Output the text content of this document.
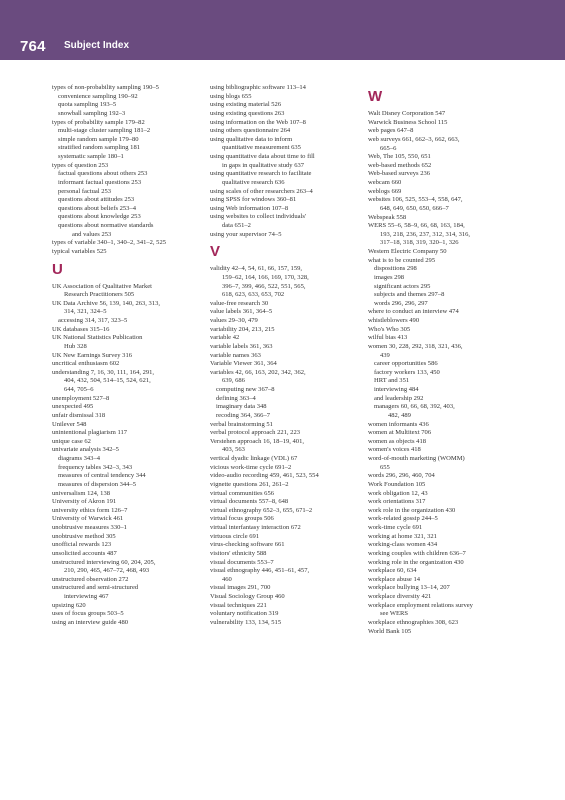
764 Subject Index
types of non-probability sampling 190–5
convenience sampling 190–92
quota sampling 193–5
snowball sampling 192–3
types of probability sample 179–82
multi-stage cluster sampling 181–2
simple random sample 179–80
stratified random sampling 181
systematic sample 180–1
types of question 253
factual questions about others 253
informant factual questions 253
personal factual 253
questions about attitudes 253
questions about beliefs 253–4
questions about knowledge 253
questions about normative standards
and values 253
types of variable 340–1, 340–2, 341–2, 525
typical variables 525
U
UK Association of Qualitative Market
Research Practitioners 505
UK Data Archive 56, 139, 140, 263, 313,
314, 321, 324–5
accessing 314, 317, 323–5
UK databases 315–16
UK National Statistics Publication
Hub 328
UK New Earnings Survey 316
uncritical enthusiasm 602
understanding 7, 16, 30, 111, 164, 291,
404, 432, 504, 514–15, 524, 621,
644, 705–6
unemployment 527–8
unexpected 495
unfair dismissal 318
Unilever 548
unintentional plagiarism 117
unique case 62
univariate analysis 342–5
diagrams 343–4
frequency tables 342–3, 343
measures of central tendency 344
measures of dispersion 344–5
universalism 124, 138
University of Akron 191
university ethics form 126–7
University of Warwick 461
unobtrusive measures 330–1
unobtrusive method 305
unofficial rewards 123
unsolicited accounts 487
unstructured interviewing 60, 204, 205,
210, 290, 465, 467–72, 468, 493
unstructured observation 272
unstructured and semi-structured
interviewing 467
upsizing 620
uses of focus groups 503–5
using an interview guide 480
using bibliographic software 113–14
using blogs 655
using existing material 526
using existing questions 263
using information on the Web 107–8
using others questionnaire 264
using qualitative data to inform
quantitative measurement 635
using quantitative data about time to fill
in gaps in qualitative study 637
using quantitative research to facilitate
qualitative research 636
using scales of other researchers 263–4
using SPSS for windows 360–81
using Web information 107–8
using websites to collect individuals'
data 651–2
using your supervisor 74–5
V
validity 42–4, 54, 61, 66, 157, 159,
159–62, 164, 166, 169, 170, 328,
396–7, 399, 466, 522, 551, 565,
618, 623, 633, 653, 702
value-free research 30
value labels 361, 364–5
values 29–30, 479
variability 204, 213, 215
variable 42
variable labels 361, 363
variable names 363
Variable Viewer 361, 364
variables 42, 66, 163, 202, 342, 362,
639, 686
computing new 367–8
defining 363–4
imaginary data 348
recoding 364, 366–7
verbal brainstorming 51
verbal protocol approach 221, 223
Verstehen approach 16, 18–19, 401,
403, 563
vertical dyadic linkage (VDL) 67
vicious work-time cycle 691–2
video-audio recording 459, 461, 523, 554
vignette questions 261, 261–2
virtual communities 656
virtual documents 557–8, 648
virtual ethnography 652–3, 655, 671–2
virtual focus groups 506
virtual interfantasy interaction 672
virtuous circle 691
virus-checking software 661
visitors' ethnicity 588
visual documents 553–7
visual ethnography 446, 451–61, 457,
460
visual images 291, 700
Visual Sociology Group 460
visual techniques 221
voluntary notification 319
vulnerability 133, 134, 515
W
Walt Disney Corporation 547
Warwick Business School 115
web pages 647–8
web surveys 661, 662–3, 662, 663,
665–6
Web, The 105, 550, 651
web-based methods 652
Web-based surveys 236
webcam 660
weblogs 669
websites 106, 525, 553–4, 558, 647,
648, 649, 650, 650, 666–7
Webspeak 558
WERS 55–6, 58–9, 66, 68, 163, 184,
193, 218, 236, 237, 312, 314, 316,
317–18, 318, 319, 320–1, 326
Western Electric Company 50
what is to be counted 295
dispositions 298
images 298
significant actors 295
subjects and themes 297–8
words 296, 296, 297
where to conduct an interview 474
whistleblowers 490
Who's Who 305
wilful bias 413
women 30, 228, 292, 318, 321, 436,
439
career opportunities 586
factory workers 133, 450
HRT and 351
interviewing 484
and leadership 292
managers 60, 66, 68, 392, 403,
482, 489
women informants 436
women at Multitext 706
women as objects 418
women's voices 418
word-of-mouth marketing (WOMM)
655
words 296, 296, 460, 704
Work Foundation 105
work obligation 12, 43
work orientations 317
work role in the organization 430
work-related gossip 244–5
work-time cycle 691
working at home 321, 321
working-class women 434
working couples with children 636–7
working role in the organization 430
workplace 60, 634
workplace abuse 14
workplace bullying 13–14, 207
workplace diversity 421
workplace employment relations survey
see WERS
workplace ethnographies 308, 623
World Bank 105
